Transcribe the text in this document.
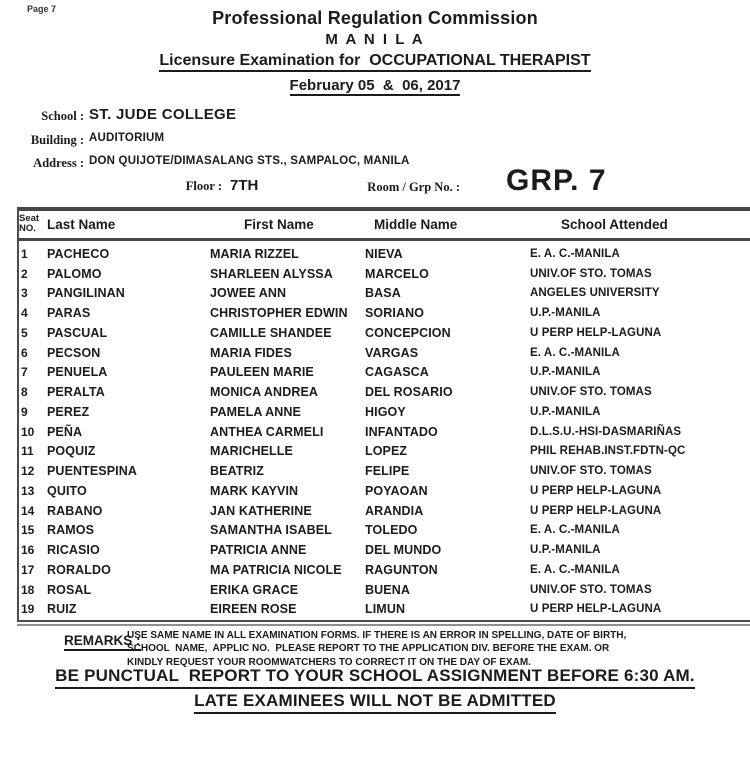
Page 7	Professional Regulation Commission
M A N I L A
Licensure Examination for  OCCUPATIONAL THERAPIST
February 05  &  06, 2017
School : ST. JUDE COLLEGE
Building : AUDITORIUM
Address : DON QUIJOTE/DIMASALANG STS., SAMPALOC, MANILA
Floor : 7TH	Room / Grp No. : GRP. 7
Seat
NO. Last Name	First Name	Middle Name	School Attended
1	PACHECO	MARIA RIZZEL	NIEVA	E. A. C.-MANILA
2	PALOMO	SHARLEEN ALYSSA	MARCELO	UNIV.OF STO. TOMAS
3	PANGILINAN	JOWEE ANN	BASA	ANGELES UNIVERSITY
4	PARAS	CHRISTOPHER EDWIN	SORIANO	U.P.-MANILA
5	PASCUAL	CAMILLE SHANDEE	CONCEPCION	U PERP HELP-LAGUNA
6	PECSON	MARIA FIDES	VARGAS	E. A. C.-MANILA
7	PENUELA	PAULEEN MARIE	CAGASCA	U.P.-MANILA
8	PERALTA	MONICA ANDREA	DEL ROSARIO	UNIV.OF STO. TOMAS
9	PEREZ	PAMELA ANNE	HIGOY	U.P.-MANILA
10	PEÑA	ANTHEA CARMELI	INFANTADO	D.L.S.U.-HSI-DASMARIÑAS
11	POQUIZ	MARICHELLE	LOPEZ	PHIL REHAB.INST.FDTN-QC
12	PUENTESPINA	BEATRIZ	FELIPE	UNIV.OF STO. TOMAS
13	QUITO	MARK KAYVIN	POYAOAN	U PERP HELP-LAGUNA
14	RABANO	JAN KATHERINE	ARANDIA	U PERP HELP-LAGUNA
15	RAMOS	SAMANTHA ISABEL	TOLEDO	E. A. C.-MANILA
16	RICASIO	PATRICIA ANNE	DEL MUNDO	U.P.-MANILA
17	RORALDO	MA PATRICIA NICOLE	RAGUNTON	E. A. C.-MANILA
18	ROSAL	ERIKA GRACE	BUENA	UNIV.OF STO. TOMAS
19	RUIZ	EIREEN ROSE	LIMUN	U PERP HELP-LAGUNA
REMARKS :
USE SAME NAME IN ALL EXAMINATION FORMS. IF THERE IS AN ERROR IN SPELLING, DATE OF BIRTH,
SCHOOL  NAME,  APPLIC NO.  PLEASE REPORT TO THE APPLICATION DIV. BEFORE THE EXAM. OR
KINDLY REQUEST YOUR ROOMWATCHERS TO CORRECT IT ON THE DAY OF EXAM.
BE PUNCTUAL  REPORT TO YOUR SCHOOL ASSIGNMENT BEFORE 6:30 AM.
LATE EXAMINEES WILL NOT BE ADMITTED
